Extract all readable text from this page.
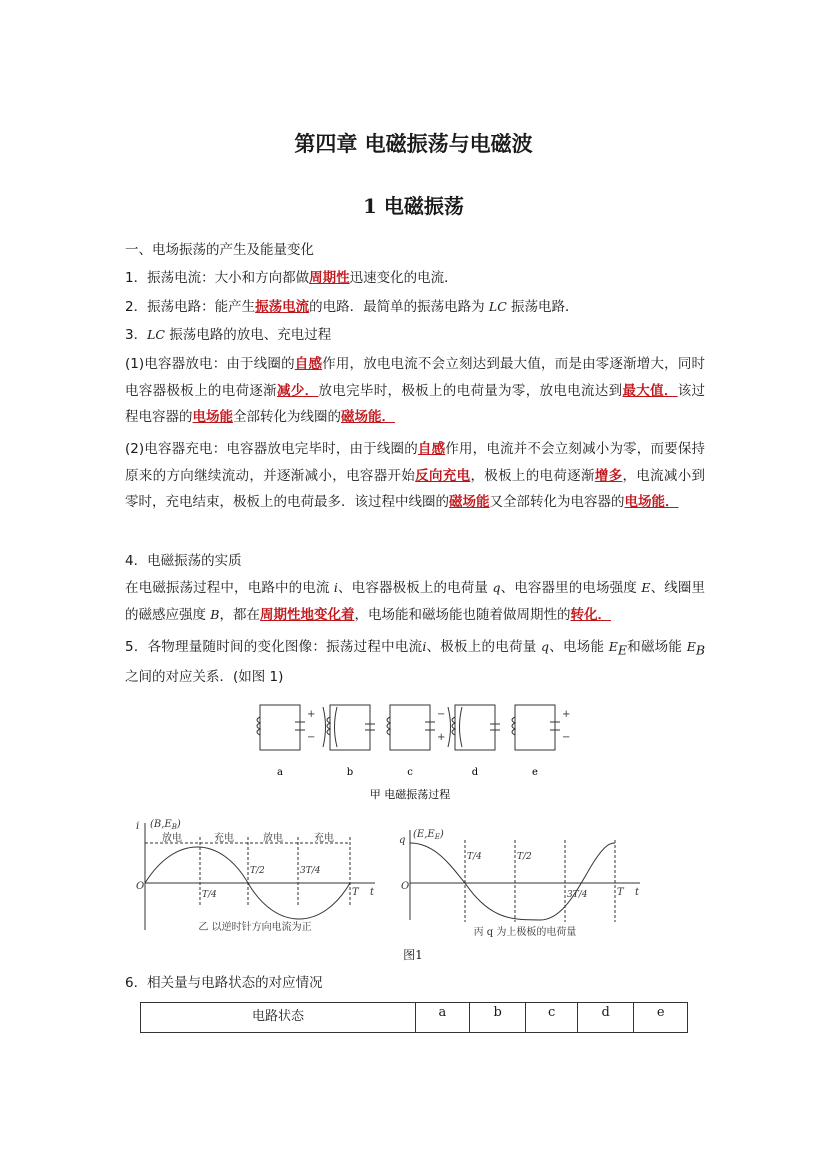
第四章 电磁振荡与电磁波
1 电磁振荡
一、电场振荡的产生及能量变化
1．振荡电流：大小和方向都做周期性迅速变化的电流．
2．振荡电路：能产生振荡电流的电路．最简单的振荡电路为 LC 振荡电路．
3．LC 振荡电路的放电、充电过程
(1)电容器放电：由于线圈的自感作用，放电电流不会立刻达到最大值，而是由零逐渐增大，同时电容器极板上的电荷逐渐减少．放电完毕时，极板上的电荷量为零，放电电流达到最大值．该过程电容器的电场能全部转化为线圈的磁场能．
(2)电容器充电：电容器放电完毕时，由于线圈的自感作用，电流并不会立刻减小为零，而要保持原来的方向继续流动，并逐渐减小，电容器开始反向充电，极板上的电荷逐渐增多，电流减小到零时，充电结束，极板上的电荷最多．该过程中线圈的磁场能又全部转化为电容器的电场能．
4．电磁振荡的实质
在电磁振荡过程中，电路中的电流 i、电容器极板上的电荷量 q、电容器里的电场强度 E、线圈里的磁感应强度 B，都在周期性地变化着，电场能和磁场能也随着做周期性的转化．
5．各物理量随时间的变化图像：振荡过程中电流i、极板上的电荷量 q、电场能 $E_E$和磁场能 $E_B$之间的对应关系．(如图 1)
+
−
−
+
+
−
a	b	c	d	e
甲 电磁振荡过程
i $(B,E_B)$
放电	充电	放电	充电
O
T/4
T/2	3T/4
T t
乙 以逆时针方向电流为正
q
$(E,E_E)$
O
T/4	T/2
3T/4	T t
丙 q 为上极板的电荷量
图1
6．相关量与电路状态的对应情况
电路状态	a	b	c	d	e
